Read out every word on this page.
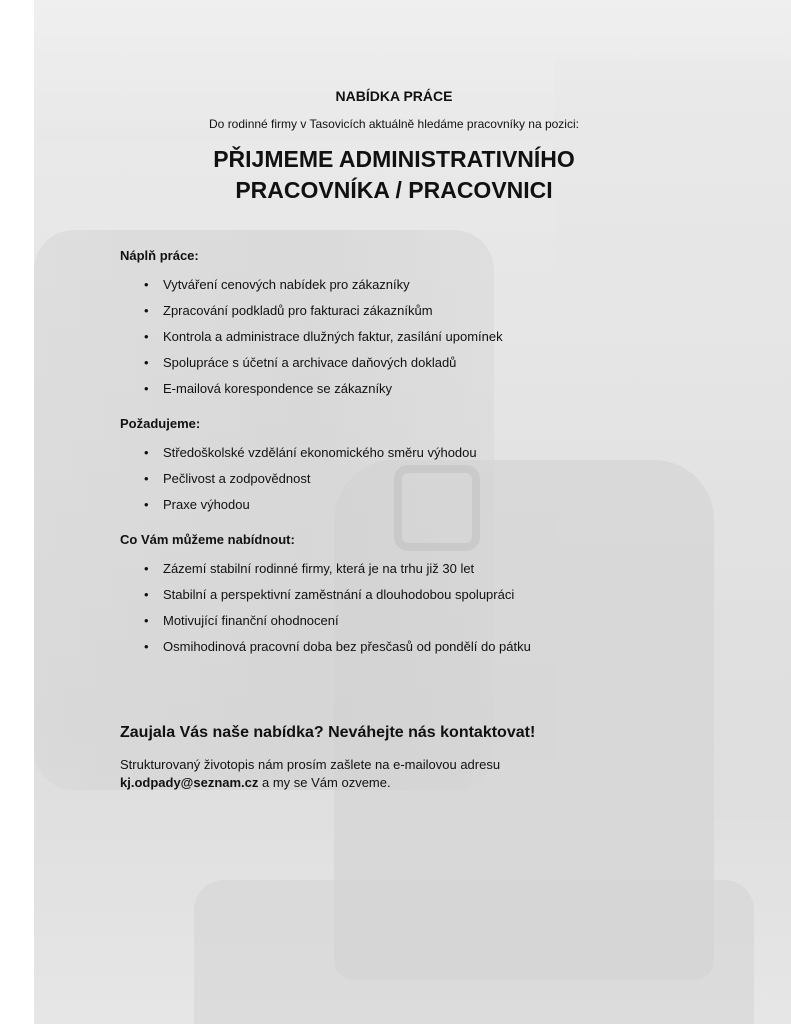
NABÍDKA PRÁCE
Do rodinné firmy v Tasovicích aktuálně hledáme pracovníky na pozici:
PŘIJMEME ADMINISTRATIVNÍHO
PRACOVNÍKA / PRACOVNICI
Náplň práce:
• Vytváření cenových nabídek pro zákazníky
• Zpracování podkladů pro fakturaci zákazníkům
• Kontrola a administrace dlužných faktur, zasílání upomínek
• Spolupráce s účetní a archivace daňových dokladů
• E-mailová korespondence se zákazníky
Požadujeme:
• Středoškolské vzdělání ekonomického směru výhodou
• Pečlivost a zodpovědnost
• Praxe výhodou
Co Vám můžeme nabídnout:
• Zázemí stabilní rodinné firmy, která je na trhu již 30 let
• Stabilní a perspektivní zaměstnání a dlouhodobou spolupráci
• Motivující finanční ohodnocení
• Osmihodinová pracovní doba bez přesčasů od pondělí do pátku
Zaujala Vás naše nabídka? Neváhejte nás kontaktovat!
Strukturovaný životopis nám prosím zašlete na e-mailovou adresu
kj.odpady@seznam.cz a my se Vám ozveme.
